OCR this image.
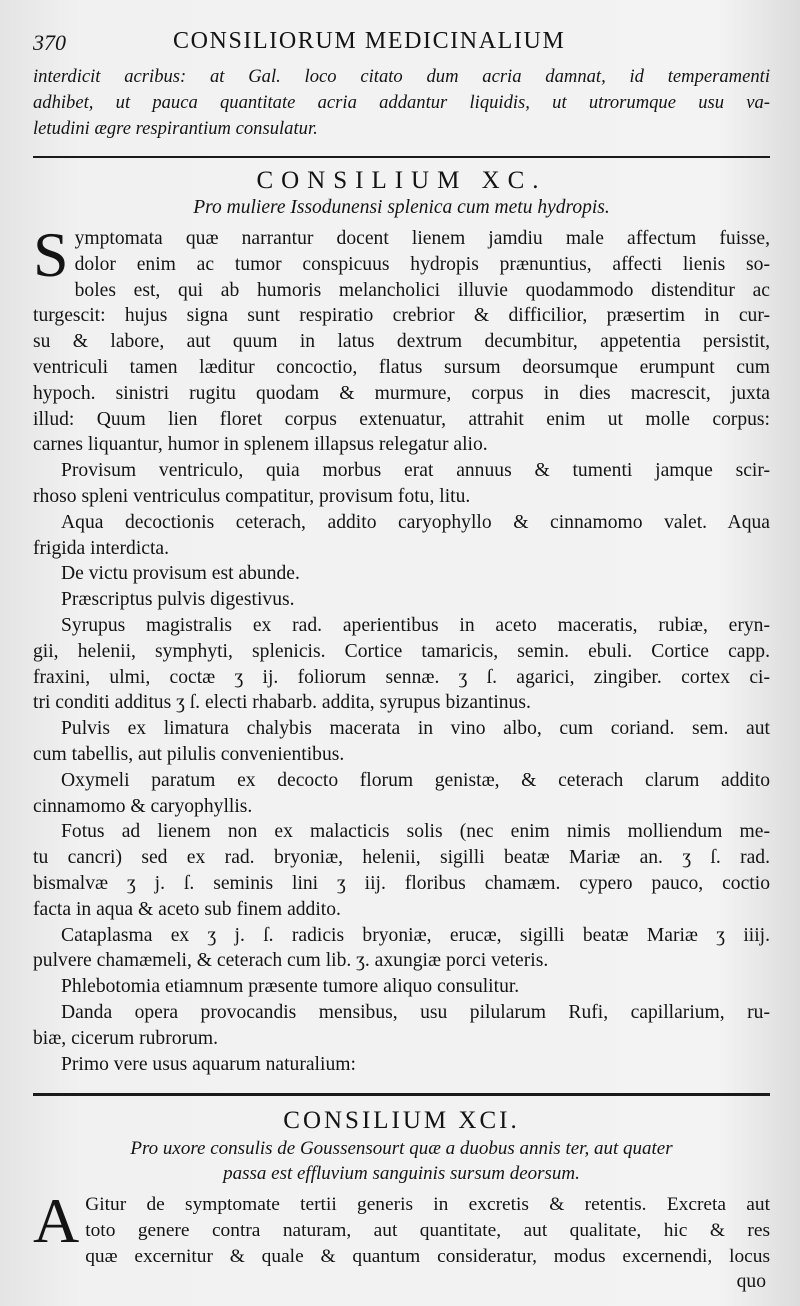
370	CONSILIORUM MEDICINALIUM
interdicit acribus: at Gal. loco citato dum acria damnat, id temperamenti
adhibet, ut pauca quantitate acria addantur liquidis, ut utrorumque usu va-
letudini ægre respirantium consulatur.
CONSILIUM XC.
Pro muliere Issodunensi splenica cum metu hydropis.
S ymptomata quæ narrantur docent lienem jamdiu male affectum fuisse,
dolor enim ac tumor conspicuus hydropis prænuntius, affecti lienis so-
boles est, qui ab humoris melancholici illuvie quodammodo distenditur ac
turgescit: hujus signa sunt respiratio crebrior & difficilior, præsertim in cur-
su & labore, aut quum in latus dextrum decumbitur, appetentia persistit,
ventriculi tamen læditur concoctio, flatus sursum deorsumque erumpunt cum
hypoch. sinistri rugitu quodam & murmure, corpus in dies macrescit, juxta
illud: Quum lien floret corpus extenuatur, attrahit enim ut molle corpus:
carnes liquantur, humor in splenem illapsus relegatur alio.
Provisum ventriculo, quia morbus erat annuus & tumenti jamque scir-
rhoso spleni ventriculus compatitur, provisum fotu, litu.
Aqua decoctionis ceterach, addito caryophyllo & cinnamomo valet. Aqua
frigida interdicta.
De victu provisum est abunde.
Præscriptus pulvis digestivus.
Syrupus magistralis ex rad. aperientibus in aceto maceratis, rubiæ, eryn-
gii, helenii, symphyti, splenicis. Cortice tamaricis, semin. ebuli. Cortice capp.
fraxini, ulmi, coctæ ʒ ij. foliorum sennæ. ʒ ſ. agarici, zingiber. cortex ci-
tri conditi additus ʒ ſ. electi rhabarb. addita, syrupus bizantinus.
Pulvis ex limatura chalybis macerata in vino albo, cum coriand. sem. aut
cum tabellis, aut pilulis convenientibus.
Oxymeli paratum ex decocto florum genistæ, & ceterach clarum addito
cinnamomo & caryophyllis.
Fotus ad lienem non ex malacticis solis (nec enim nimis molliendum me-
tu cancri) sed ex rad. bryoniæ, helenii, sigilli beatæ Mariæ an. ʒ ſ. rad.
bismalvæ ʒ j. ſ. seminis lini ʒ iij. floribus chamæm. cypero pauco, coctio
facta in aqua & aceto sub finem addito.
Cataplasma ex ʒ j. ſ. radicis bryoniæ, erucæ, sigilli beatæ Mariæ ʒ iiij.
pulvere chamæmeli, & ceterach cum lib. ʒ. axungiæ porci veteris.
Phlebotomia etiamnum præsente tumore aliquo consulitur.
Danda opera provocandis mensibus, usu pilularum Rufi, capillarium, ru-
biæ, cicerum rubrorum.
Primo vere usus aquarum naturalium:
CONSILIUM XCI.
Pro uxore consulis de Goussensourt quæ a duobus annis ter, aut quater
passa est effluvium sanguinis sursum deorsum.
A Gitur de symptomate tertii generis in excretis & retentis. Excreta aut
toto genere contra naturam, aut quantitate, aut qualitate, hic & res
quæ excernitur & quale & quantum consideratur, modus excernendi, locus
quo
